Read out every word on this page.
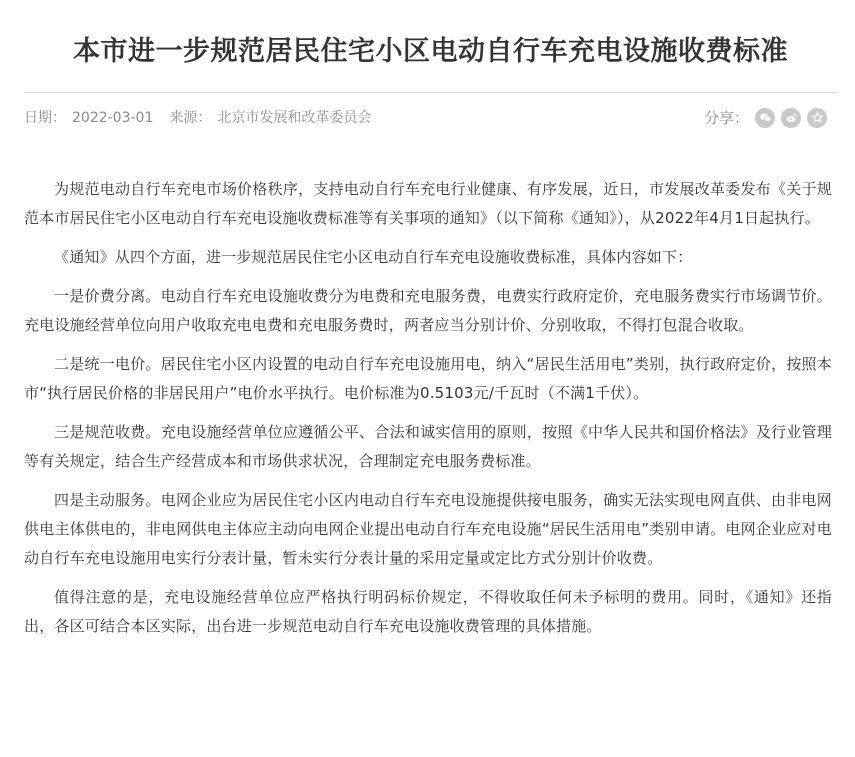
本市进一步规范居民住宅小区电动自行车充电设施收费标准
日期： 2022-03-01 来源： 北京市发展和改革委员会	分享：

为规范电动自行车充电市场价格秩序，支持电动自行车充电行业健康、有序发展，近日，市发展改革委发布《关于规范本市居民住宅小区电动自行车充电设施收费标准等有关事项的通知》（以下简称《通知》），从2022年4月1日起执行。

《通知》从四个方面，进一步规范居民住宅小区电动自行车充电设施收费标准，具体内容如下：

一是价费分离。电动自行车充电设施收费分为电费和充电服务费，电费实行政府定价，充电服务费实行市场调节价。充电设施经营单位向用户收取充电电费和充电服务费时，两者应当分别计价、分别收取，不得打包混合收取。

二是统一电价。居民住宅小区内设置的电动自行车充电设施用电，纳入“居民生活用电”类别，执行政府定价，按照本市“执行居民价格的非居民用户”电价水平执行。电价标准为0.5103元/千瓦时（不满1千伏）。

三是规范收费。充电设施经营单位应遵循公平、合法和诚实信用的原则，按照《中华人民共和国价格法》及行业管理等有关规定，结合生产经营成本和市场供求状况，合理制定充电服务费标准。

四是主动服务。电网企业应为居民住宅小区内电动自行车充电设施提供接电服务，确实无法实现电网直供、由非电网供电主体供电的，非电网供电主体应主动向电网企业提出电动自行车充电设施“居民生活用电”类别申请。电网企业应对电动自行车充电设施用电实行分表计量，暂未实行分表计量的采用定量或定比方式分别计价收费。

值得注意的是，充电设施经营单位应严格执行明码标价规定，不得收取任何未予标明的费用。同时，《通知》还指出，各区可结合本区实际，出台进一步规范电动自行车充电设施收费管理的具体措施。
